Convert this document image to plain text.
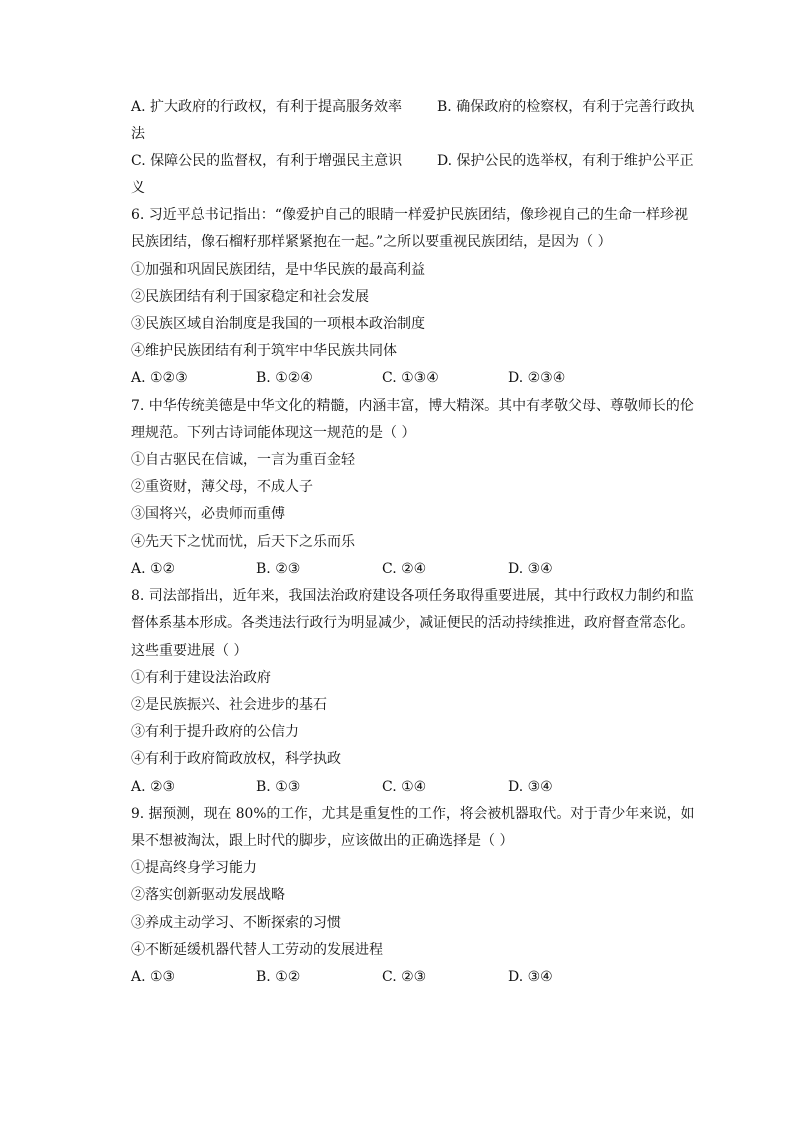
A. 扩大政府的行政权，有利于提高服务效率 B. 确保政府的检察权，有利于完善行政执
法
C. 保障公民的监督权，有利于增强民主意识 D. 保护公民的选举权，有利于维护公平正
义
6. 习近平总书记指出：“像爱护自己的眼睛一样爱护民族团结，像珍视自己的生命一样珍视
民族团结，像石榴籽那样紧紧抱在一起。”之所以要重视民族团结，是因为（ ）
①加强和巩固民族团结，是中华民族的最高利益
②民族团结有利于国家稳定和社会发展
③民族区域自治制度是我国的一项根本政治制度
④维护民族团结有利于筑牢中华民族共同体
A. ①②③	B. ①②④	C. ①③④	D. ②③④
7. 中华传统美德是中华文化的精髓，内涵丰富，博大精深。其中有孝敬父母、尊敬师长的伦
理规范。下列古诗词能体现这一规范的是（ ）
①自古驱民在信诚，一言为重百金轻
②重资财，薄父母，不成人子
③国将兴，必贵师而重傅
④先天下之忧而忧，后天下之乐而乐
A. ①②	B. ②③	C. ②④	D. ③④
8. 司法部指出，近年来，我国法治政府建设各项任务取得重要进展，其中行政权力制约和监
督体系基本形成。各类违法行政行为明显减少，减证便民的活动持续推进，政府督查常态化。
这些重要进展（ ）
①有利于建设法治政府
②是民族振兴、社会进步的基石
③有利于提升政府的公信力
④有利于政府简政放权，科学执政
A. ②③	B. ①③	C. ①④	D. ③④
9. 据预测，现在 80%的工作，尤其是重复性的工作，将会被机器取代。对于青少年来说，如
果不想被淘汰，跟上时代的脚步，应该做出的正确选择是（ ）
①提高终身学习能力
②落实创新驱动发展战略
③养成主动学习、不断探索的习惯
④不断延缓机器代替人工劳动的发展进程
A. ①③	B. ①②	C. ②③	D. ③④
